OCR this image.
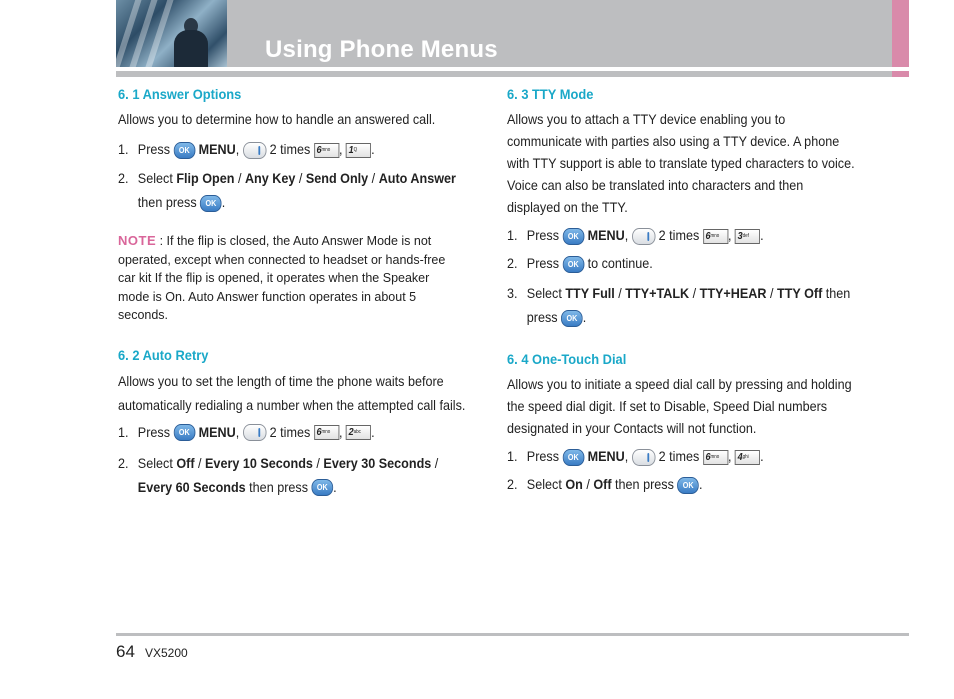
Using Phone Menus
6. 1 Answer Options
Allows you to determine how to handle an answered call.
1. Press OK MENU,  2 times $6^{mno}$ , $1^Q$ .
2. Select Flip Open / Any Key / Send Only / Auto Answer
then press OK .
NOTE : If the flip is closed, the Auto Answer Mode is not operated, except when connected to headset or hands-free car kit If the flip is opened, it operates when the Speaker mode is On. Auto Answer function operates in about 5 seconds.
6. 2 Auto Retry
Allows you to set the length of time the phone waits before automatically redialing a number when the attempted call fails.
1. Press OK MENU,  2 times $6^{mno}$ , $2^{abc}$ .
2. Select Off / Every 10 Seconds / Every 30 Seconds / Every 60 Seconds then press OK .
6. 3 TTY Mode
Allows you to attach a TTY device enabling you to communicate with parties also using a TTY device. A phone with TTY support is able to translate typed characters to voice. Voice can also be translated into characters and then displayed on the TTY.
1. Press OK MENU,  2 times $6^{mno}$ , $3^{def}$ .
2. Press OK to continue.
3. Select TTY Full / TTY+TALK / TTY+HEAR / TTY Off then press OK .
6. 4 One-Touch Dial
Allows you to initiate a speed dial call by pressing and holding the speed dial digit. If set to Disable, Speed Dial numbers designated in your Contacts will not function.
1. Press OK MENU,  2 times $6^{mno}$ , $4^{ghi}$ .
2. Select On / Off then press OK .
64 VX5200
